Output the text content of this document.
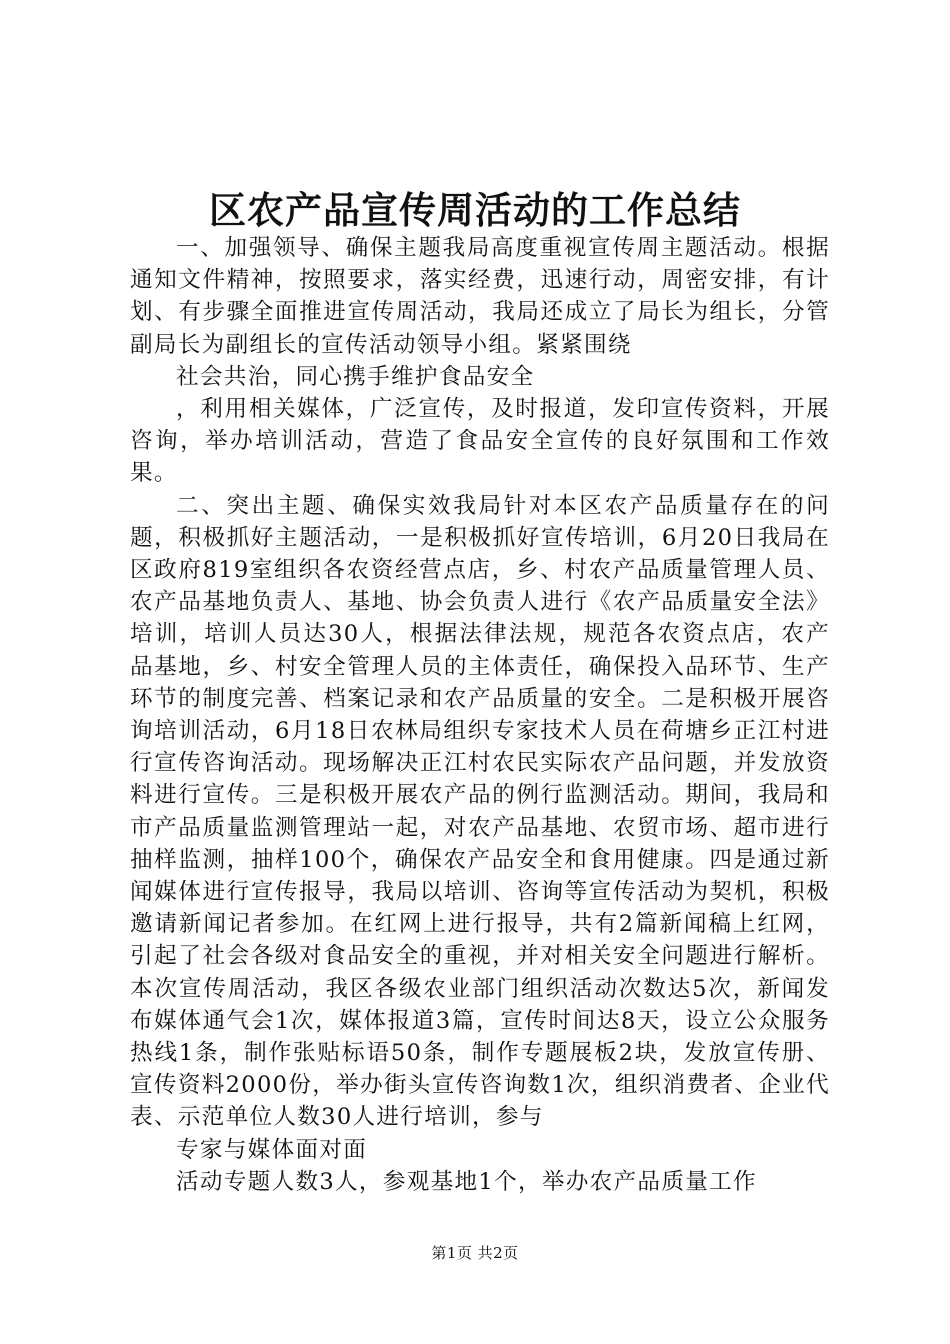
区农产品宣传周活动的工作总结

一、加强领导、确保主题我局高度重视宣传周主题活动。根据通知文件精神，按照要求，落实经费，迅速行动，周密安排，有计划、有步骤全面推进宣传周活动，我局还成立了局长为组长，分管副局长为副组长的宣传活动领导小组。紧紧围绕

社会共治，同心携手维护食品安全

，利用相关媒体，广泛宣传，及时报道，发印宣传资料，开展咨询，举办培训活动，营造了食品安全宣传的良好氛围和工作效果。

二、突出主题、确保实效我局针对本区农产品质量存在的问题，积极抓好主题活动，一是积极抓好宣传培训，6月20日我局在区政府819室组织各农资经营点店，乡、村农产品质量管理人员、农产品基地负责人、基地、协会负责人进行《农产品质量安全法》培训，培训人员达30人，根据法律法规，规范各农资点店，农产品基地，乡、村安全管理人员的主体责任，确保投入品环节、生产环节的制度完善、档案记录和农产品质量的安全。二是积极开展咨询培训活动，6月18日农林局组织专家技术人员在荷塘乡正江村进行宣传咨询活动。现场解决正江村农民实际农产品问题，并发放资料进行宣传。三是积极开展农产品的例行监测活动。期间，我局和市产品质量监测管理站一起，对农产品基地、农贸市场、超市进行抽样监测，抽样100个，确保农产品安全和食用健康。四是通过新闻媒体进行宣传报导，我局以培训、咨询等宣传活动为契机，积极邀请新闻记者参加。在红网上进行报导，共有2篇新闻稿上红网，引起了社会各级对食品安全的重视，并对相关安全问题进行解析。本次宣传周活动，我区各级农业部门组织活动次数达5次，新闻发布媒体通气会1次，媒体报道3篇，宣传时间达8天，设立公众服务热线1条，制作张贴标语50条，制作专题展板2块，发放宣传册、宣传资料2000份，举办街头宣传咨询数1次，组织消费者、企业代表、示范单位人数30人进行培训，参与

专家与媒体面对面

活动专题人数3人，参观基地1个，举办农产品质量工作

第1页 共2页
